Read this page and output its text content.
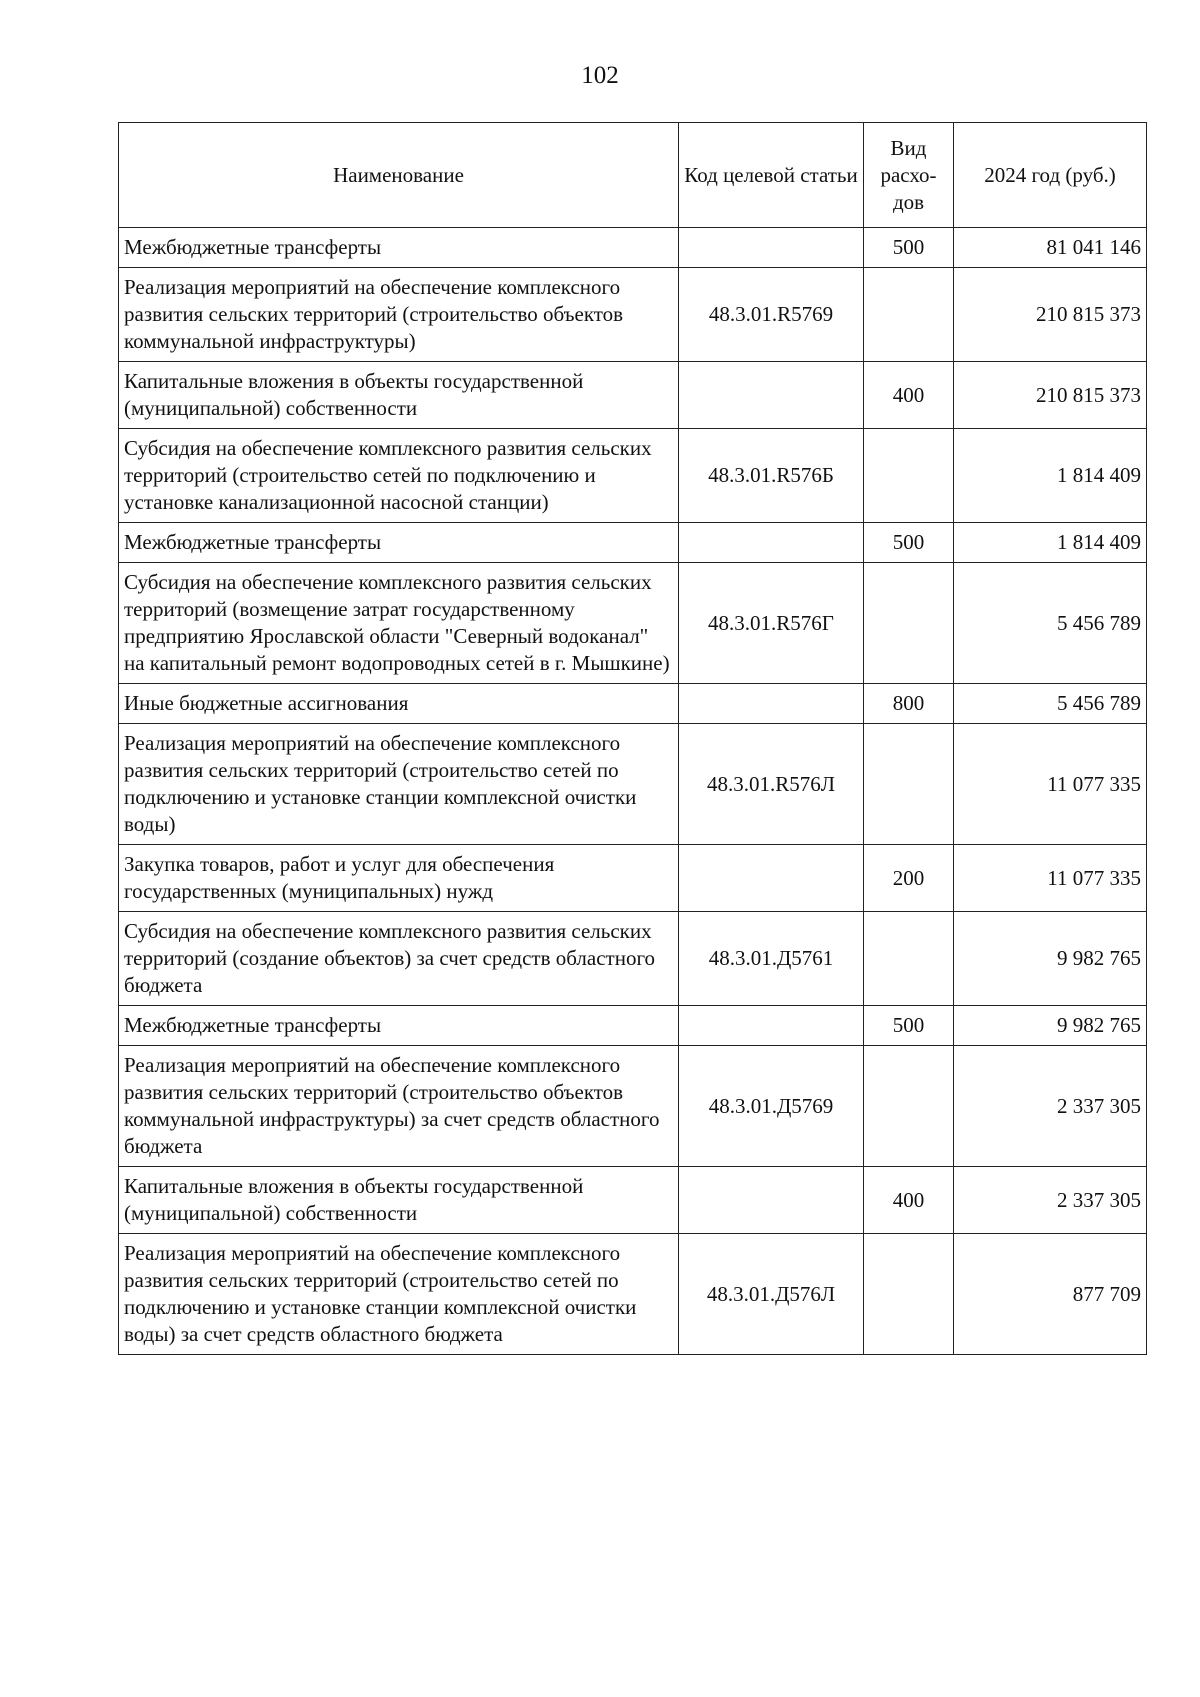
102
Наименование	Код целевой статьи	Вид расхо-дов	2024 год (руб.)
Межбюджетные трансферты		500	81 041 146
Реализация мероприятий на обеспечение комплексного развития сельских территорий (строительство объектов коммунальной инфраструктуры)	48.3.01.R5769		210 815 373
Капитальные вложения в объекты государственной (муниципальной) собственности		400	210 815 373
Субсидия на обеспечение комплексного развития сельских территорий (строительство сетей по подключению и установке канализационной насосной станции)	48.3.01.R576Б		1 814 409
Межбюджетные трансферты		500	1 814 409
Субсидия на обеспечение комплексного развития сельских территорий (возмещение затрат государственному предприятию Ярославской области "Северный водоканал" на капитальный ремонт водопроводных сетей в г. Мышкине)	48.3.01.R576Г		5 456 789
Иные бюджетные ассигнования		800	5 456 789
Реализация мероприятий на обеспечение комплексного развития сельских территорий (строительство сетей по подключению и установке станции комплексной очистки воды)	48.3.01.R576Л		11 077 335
Закупка товаров, работ и услуг для обеспечения государственных (муниципальных) нужд		200	11 077 335
Субсидия на обеспечение комплексного развития сельских территорий (создание объектов) за счет средств областного бюджета	48.3.01.Д5761		9 982 765
Межбюджетные трансферты		500	9 982 765
Реализация мероприятий на обеспечение комплексного развития сельских территорий (строительство объектов коммунальной инфраструктуры) за счет средств областного бюджета	48.3.01.Д5769		2 337 305
Капитальные вложения в объекты государственной (муниципальной) собственности		400	2 337 305
Реализация мероприятий на обеспечение комплексного развития сельских территорий (строительство сетей по подключению и установке станции комплексной очистки воды) за счет средств областного бюджета	48.3.01.Д576Л		877 709
